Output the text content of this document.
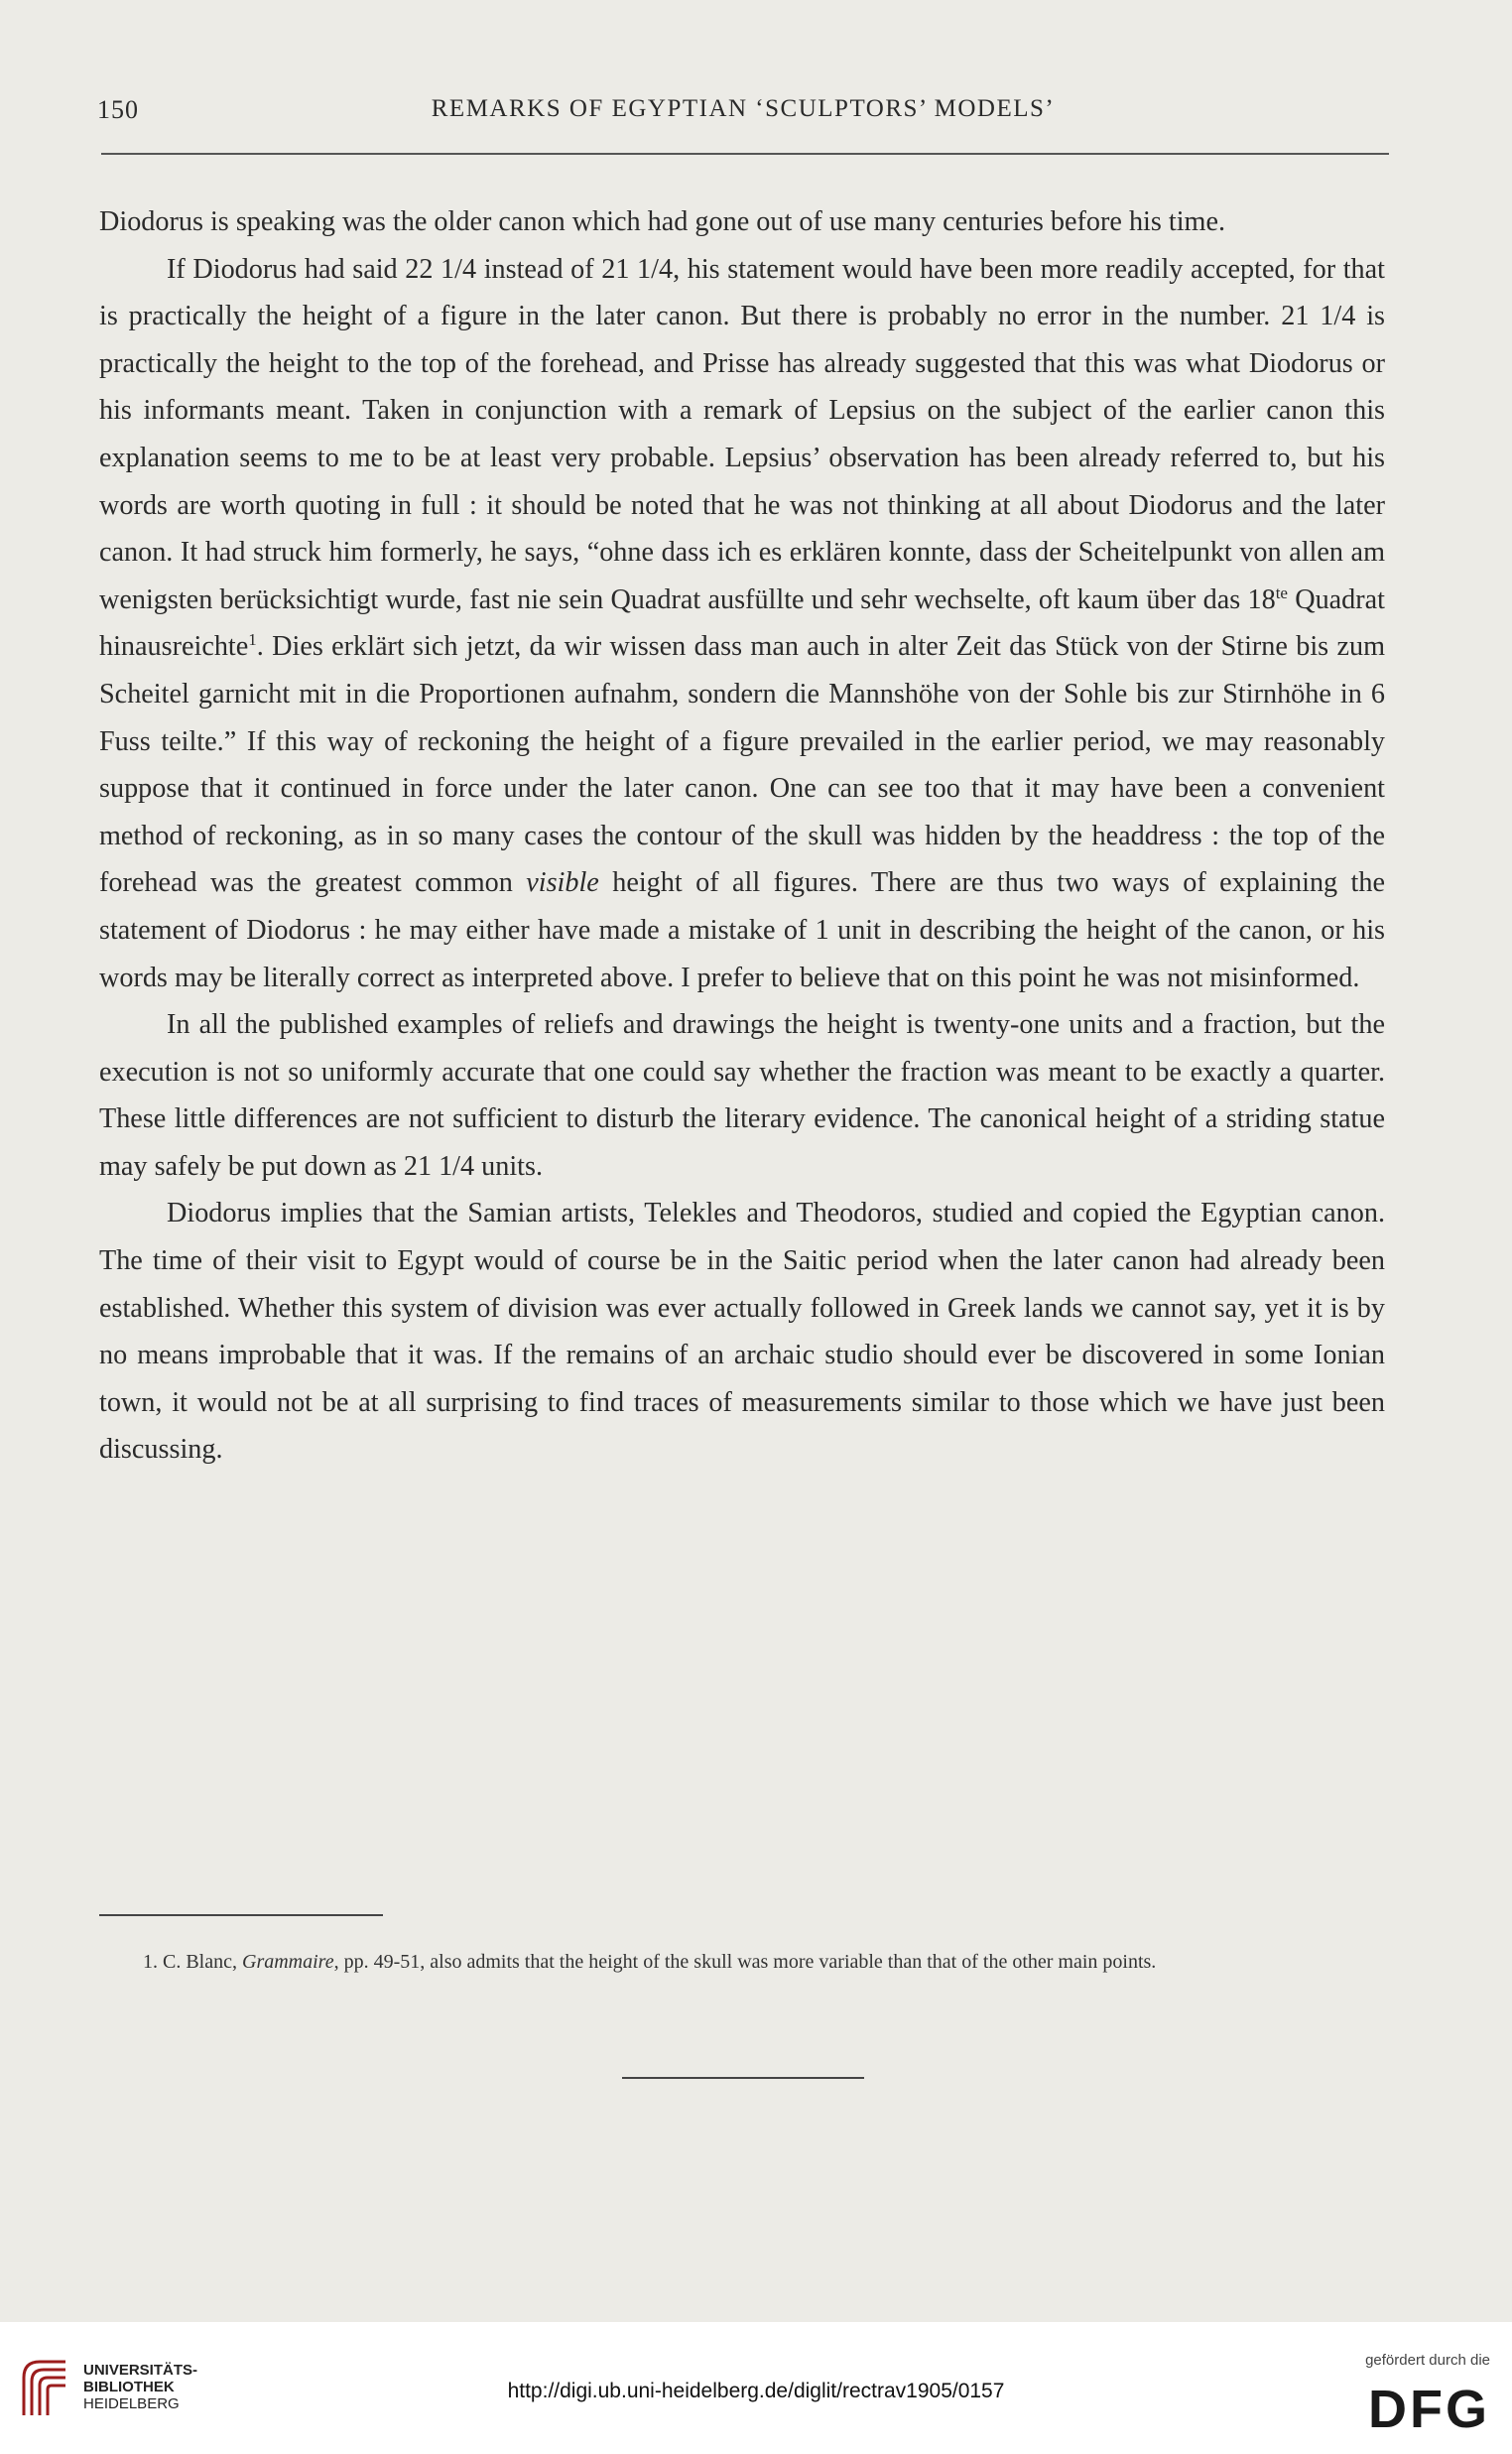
150	REMARKS OF EGYPTIAN ‘SCULPTORS’ MODELS’

Diodorus is speaking was the older canon which had gone out of use many centuries before his time.

If Diodorus had said 22 1/4 instead of 21 1/4, his statement would have been more readily accepted, for that is practically the height of a figure in the later canon. But there is probably no error in the number. 21 1/4 is practically the height to the top of the forehead, and Prisse has already suggested that this was what Diodorus or his informants meant. Taken in conjunction with a remark of Lepsius on the subject of the earlier canon this explanation seems to me to be at least very probable. Lepsius’ observation has been already referred to, but his words are worth quoting in full : it should be noted that he was not thinking at all about Diodorus and the later canon. It had struck him formerly, he says, “ohne dass ich es erklären konnte, dass der Scheitelpunkt von allen am wenigsten berücksichtigt wurde, fast nie sein Quadrat ausfüllte und sehr wechselte, oft kaum über das $18^{te}$ Quadrat hinausreichte$^1$. Dies erklärt sich jetzt, da wir wissen dass man auch in alter Zeit das Stück von der Stirne bis zum Scheitel garnicht mit in die Proportionen aufnahm, sondern die Mannshöhe von der Sohle bis zur Stirnhöhe in 6 Fuss teilte.” If this way of reckoning the height of a figure prevailed in the earlier period, we may reasonably suppose that it continued in force under the later canon. One can see too that it may have been a convenient method of reckoning, as in so many cases the contour of the skull was hidden by the headdress : the top of the forehead was the greatest common visible height of all figures. There are thus two ways of explaining the statement of Diodorus : he may either have made a mistake of 1 unit in describing the height of the canon, or his words may be literally correct as interpreted above. I prefer to believe that on this point he was not misinformed.

In all the published examples of reliefs and drawings the height is twenty-one units and a fraction, but the execution is not so uniformly accurate that one could say whether the fraction was meant to be exactly a quarter. These little differences are not sufficient to disturb the literary evidence. The canonical height of a striding statue may safely be put down as 21 1/4 units.

Diodorus implies that the Samian artists, Telekles and Theodoros, studied and copied the Egyptian canon. The time of their visit to Egypt would of course be in the Saitic period when the later canon had already been established. Whether this system of division was ever actually followed in Greek lands we cannot say, yet it is by no means improbable that it was. If the remains of an archaic studio should ever be discovered in some Ionian town, it would not be at all surprising to find traces of measurements similar to those which we have just been discussing.

1. C. Blanc, Grammaire, pp. 49-51, also admits that the height of the skull was more variable than that of the other main points.
UNIVERSITÄTS-
BIBLIOTHEK
HEIDELBERG
http://digi.ub.uni-heidelberg.de/diglit/rectrav1905/0157
gefördert durch die
DFG
